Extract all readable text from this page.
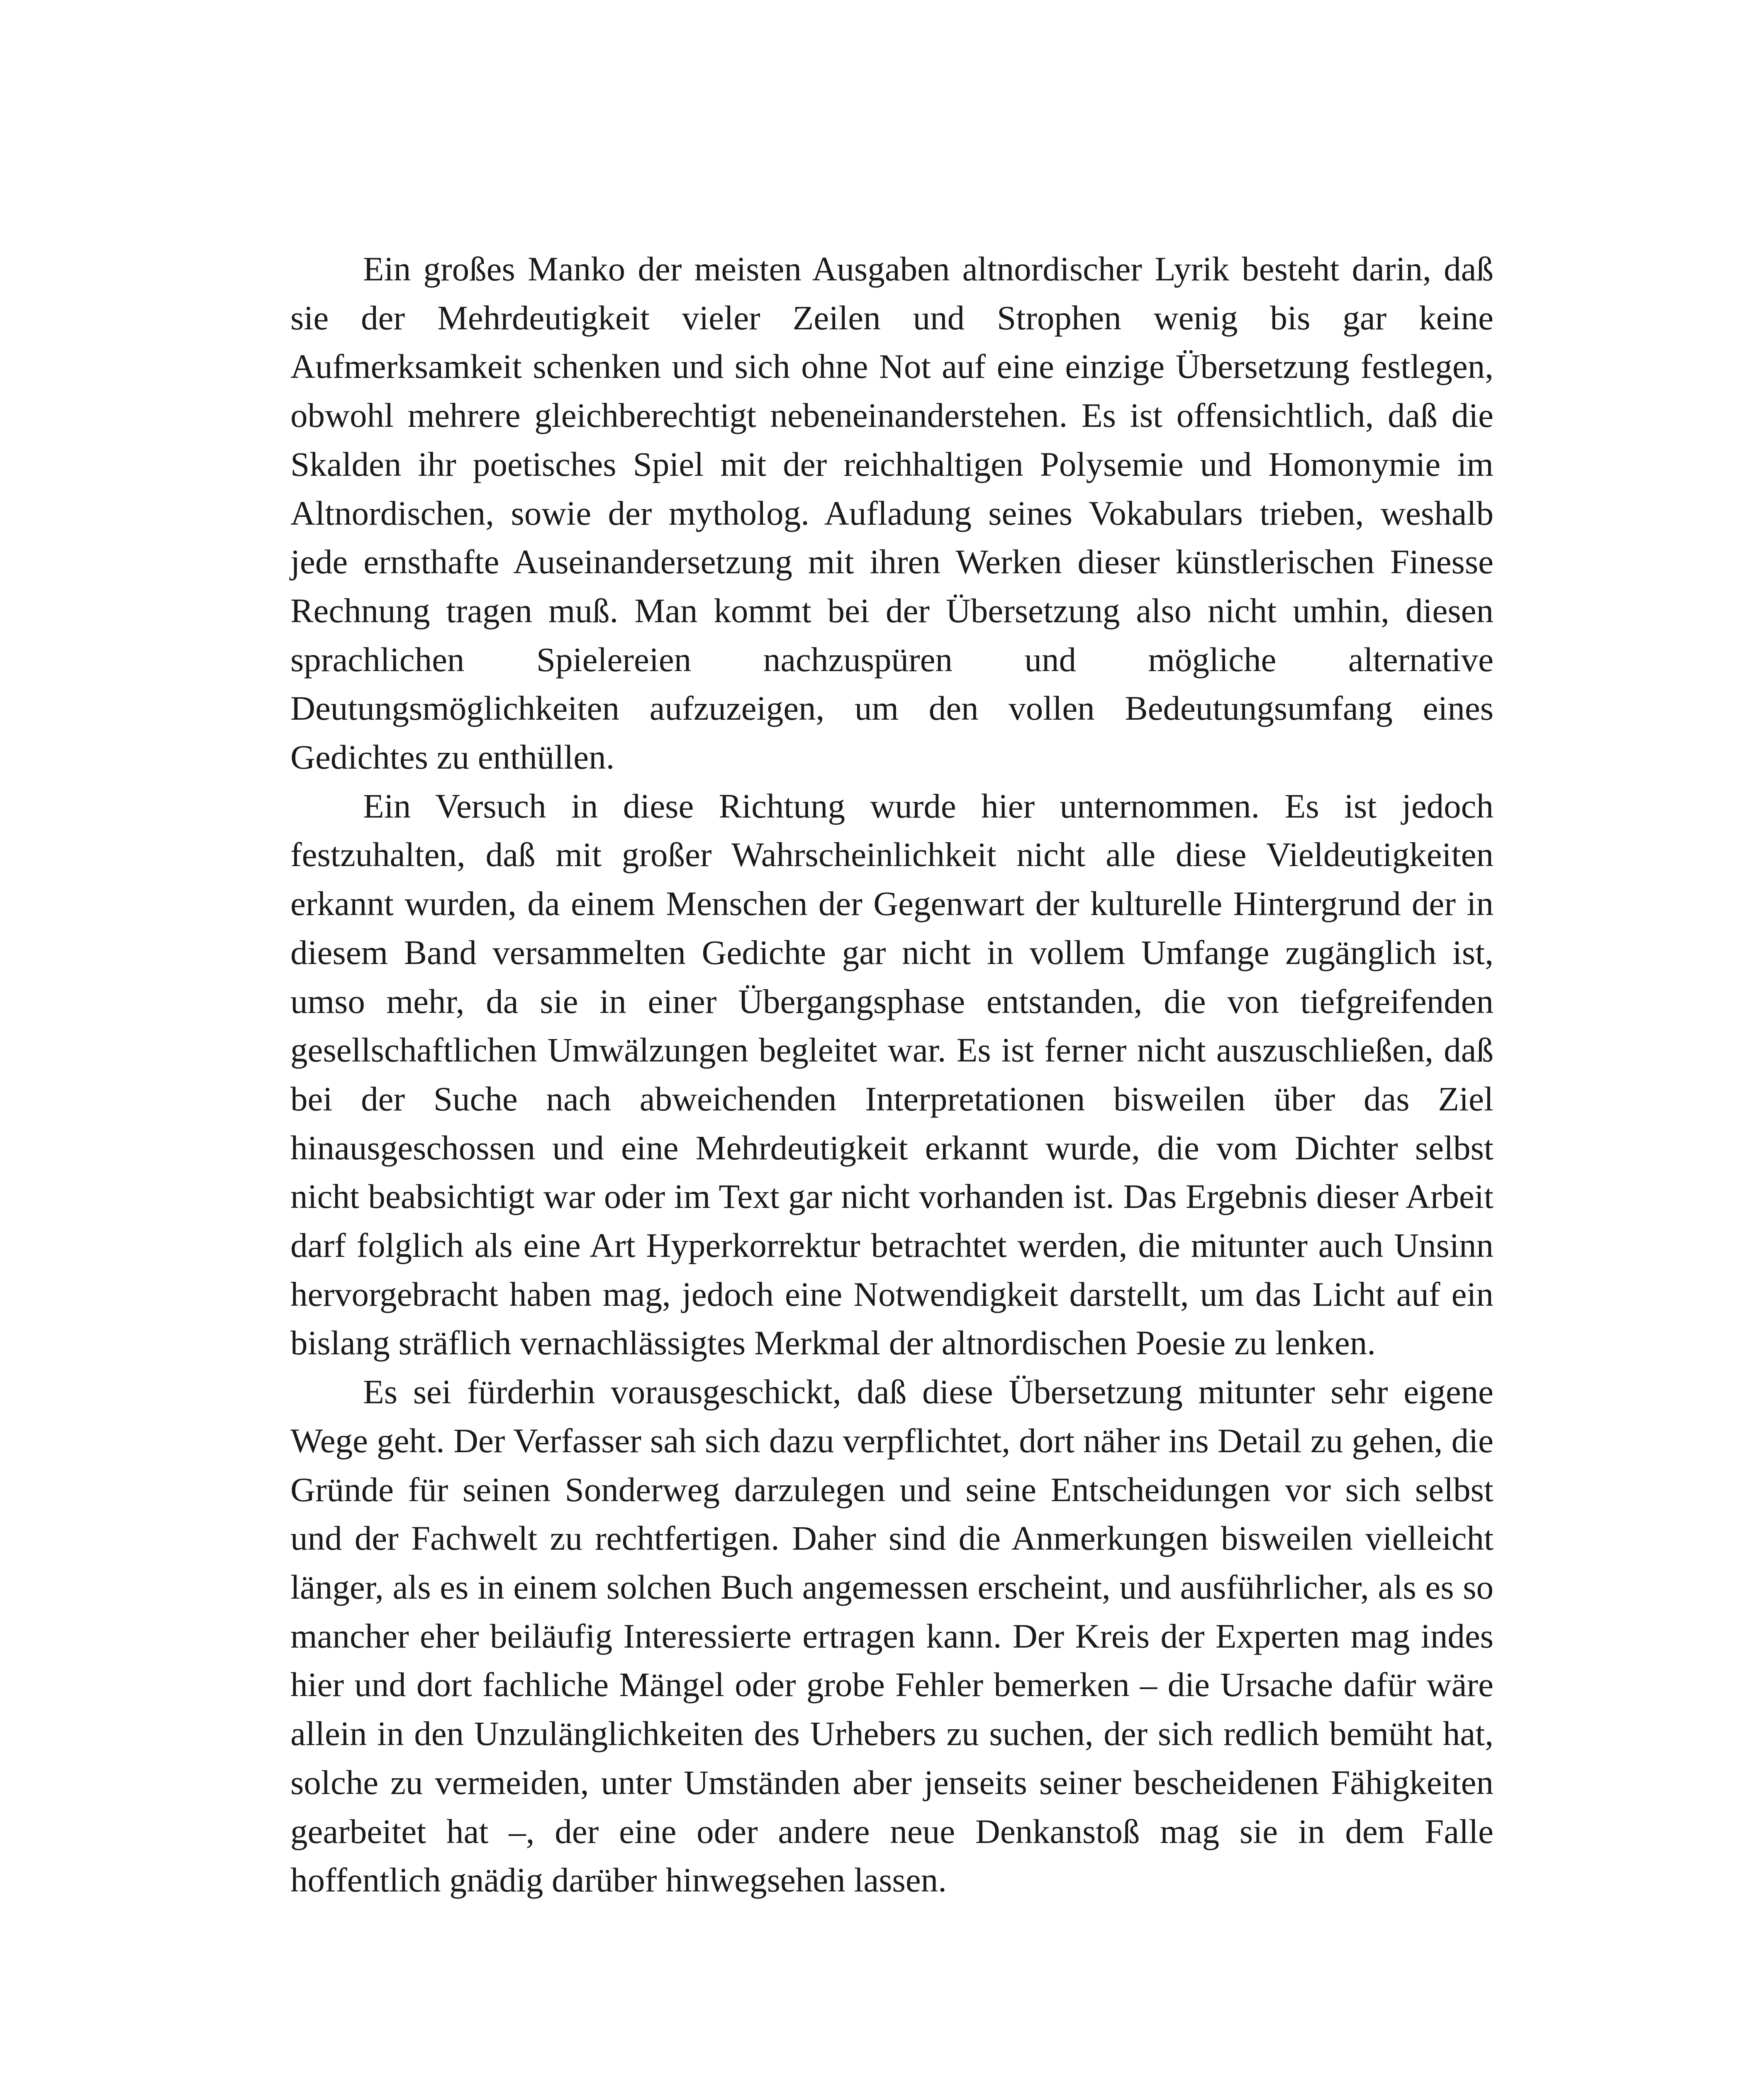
Ein großes Manko der meisten Ausgaben altnordischer Lyrik besteht darin, daß sie der Mehrdeutigkeit vieler Zeilen und Strophen wenig bis gar keine Aufmerksamkeit schenken und sich ohne Not auf eine einzige Übersetzung festlegen, obwohl mehrere gleichberechtigt nebeneinanderstehen. Es ist offensichtlich, daß die Skalden ihr poetisches Spiel mit der reichhaltigen Polysemie und Homonymie im Altnordischen, sowie der mytholog. Aufladung seines Vokabulars trieben, weshalb jede ernsthafte Auseinandersetzung mit ihren Werken dieser künstlerischen Finesse Rechnung tragen muß. Man kommt bei der Übersetzung also nicht umhin, diesen sprachlichen Spielereien nachzuspüren und mögliche alternative Deutungsmöglichkeiten aufzuzeigen, um den vollen Bedeutungsumfang eines Gedichtes zu enthüllen.

Ein Versuch in diese Richtung wurde hier unternommen. Es ist jedoch festzuhalten, daß mit großer Wahrscheinlichkeit nicht alle diese Vieldeutigkeiten erkannt wurden, da einem Menschen der Gegenwart der kulturelle Hintergrund der in diesem Band versammelten Gedichte gar nicht in vollem Umfange zugänglich ist, umso mehr, da sie in einer Übergangsphase entstanden, die von tiefgreifenden gesellschaftlichen Umwälzungen begleitet war. Es ist ferner nicht auszuschließen, daß bei der Suche nach abweichenden Interpretationen bisweilen über das Ziel hinausgeschossen und eine Mehrdeutigkeit erkannt wurde, die vom Dichter selbst nicht beabsichtigt war oder im Text gar nicht vorhanden ist. Das Ergebnis dieser Arbeit darf folglich als eine Art Hyperkorrektur betrachtet werden, die mitunter auch Unsinn hervorgebracht haben mag, jedoch eine Notwendigkeit darstellt, um das Licht auf ein bislang sträflich vernachlässigtes Merkmal der altnordischen Poesie zu lenken.

Es sei fürderhin vorausgeschickt, daß diese Übersetzung mitunter sehr eigene Wege geht. Der Verfasser sah sich dazu verpflichtet, dort näher ins Detail zu gehen, die Gründe für seinen Sonderweg darzulegen und seine Entscheidungen vor sich selbst und der Fachwelt zu rechtfertigen. Daher sind die Anmerkungen bisweilen vielleicht länger, als es in einem solchen Buch angemessen erscheint, und ausführlicher, als es so mancher eher beiläufig Interessierte ertragen kann. Der Kreis der Experten mag indes hier und dort fachliche Mängel oder grobe Fehler bemerken – die Ursache dafür wäre allein in den Unzulänglichkeiten des Urhebers zu suchen, der sich redlich bemüht hat, solche zu vermeiden, unter Umständen aber jenseits seiner bescheidenen Fähigkeiten gearbeitet hat –, der eine oder andere neue Denkanstoß mag sie in dem Falle hoffentlich gnädig darüber hinwegsehen lassen.
